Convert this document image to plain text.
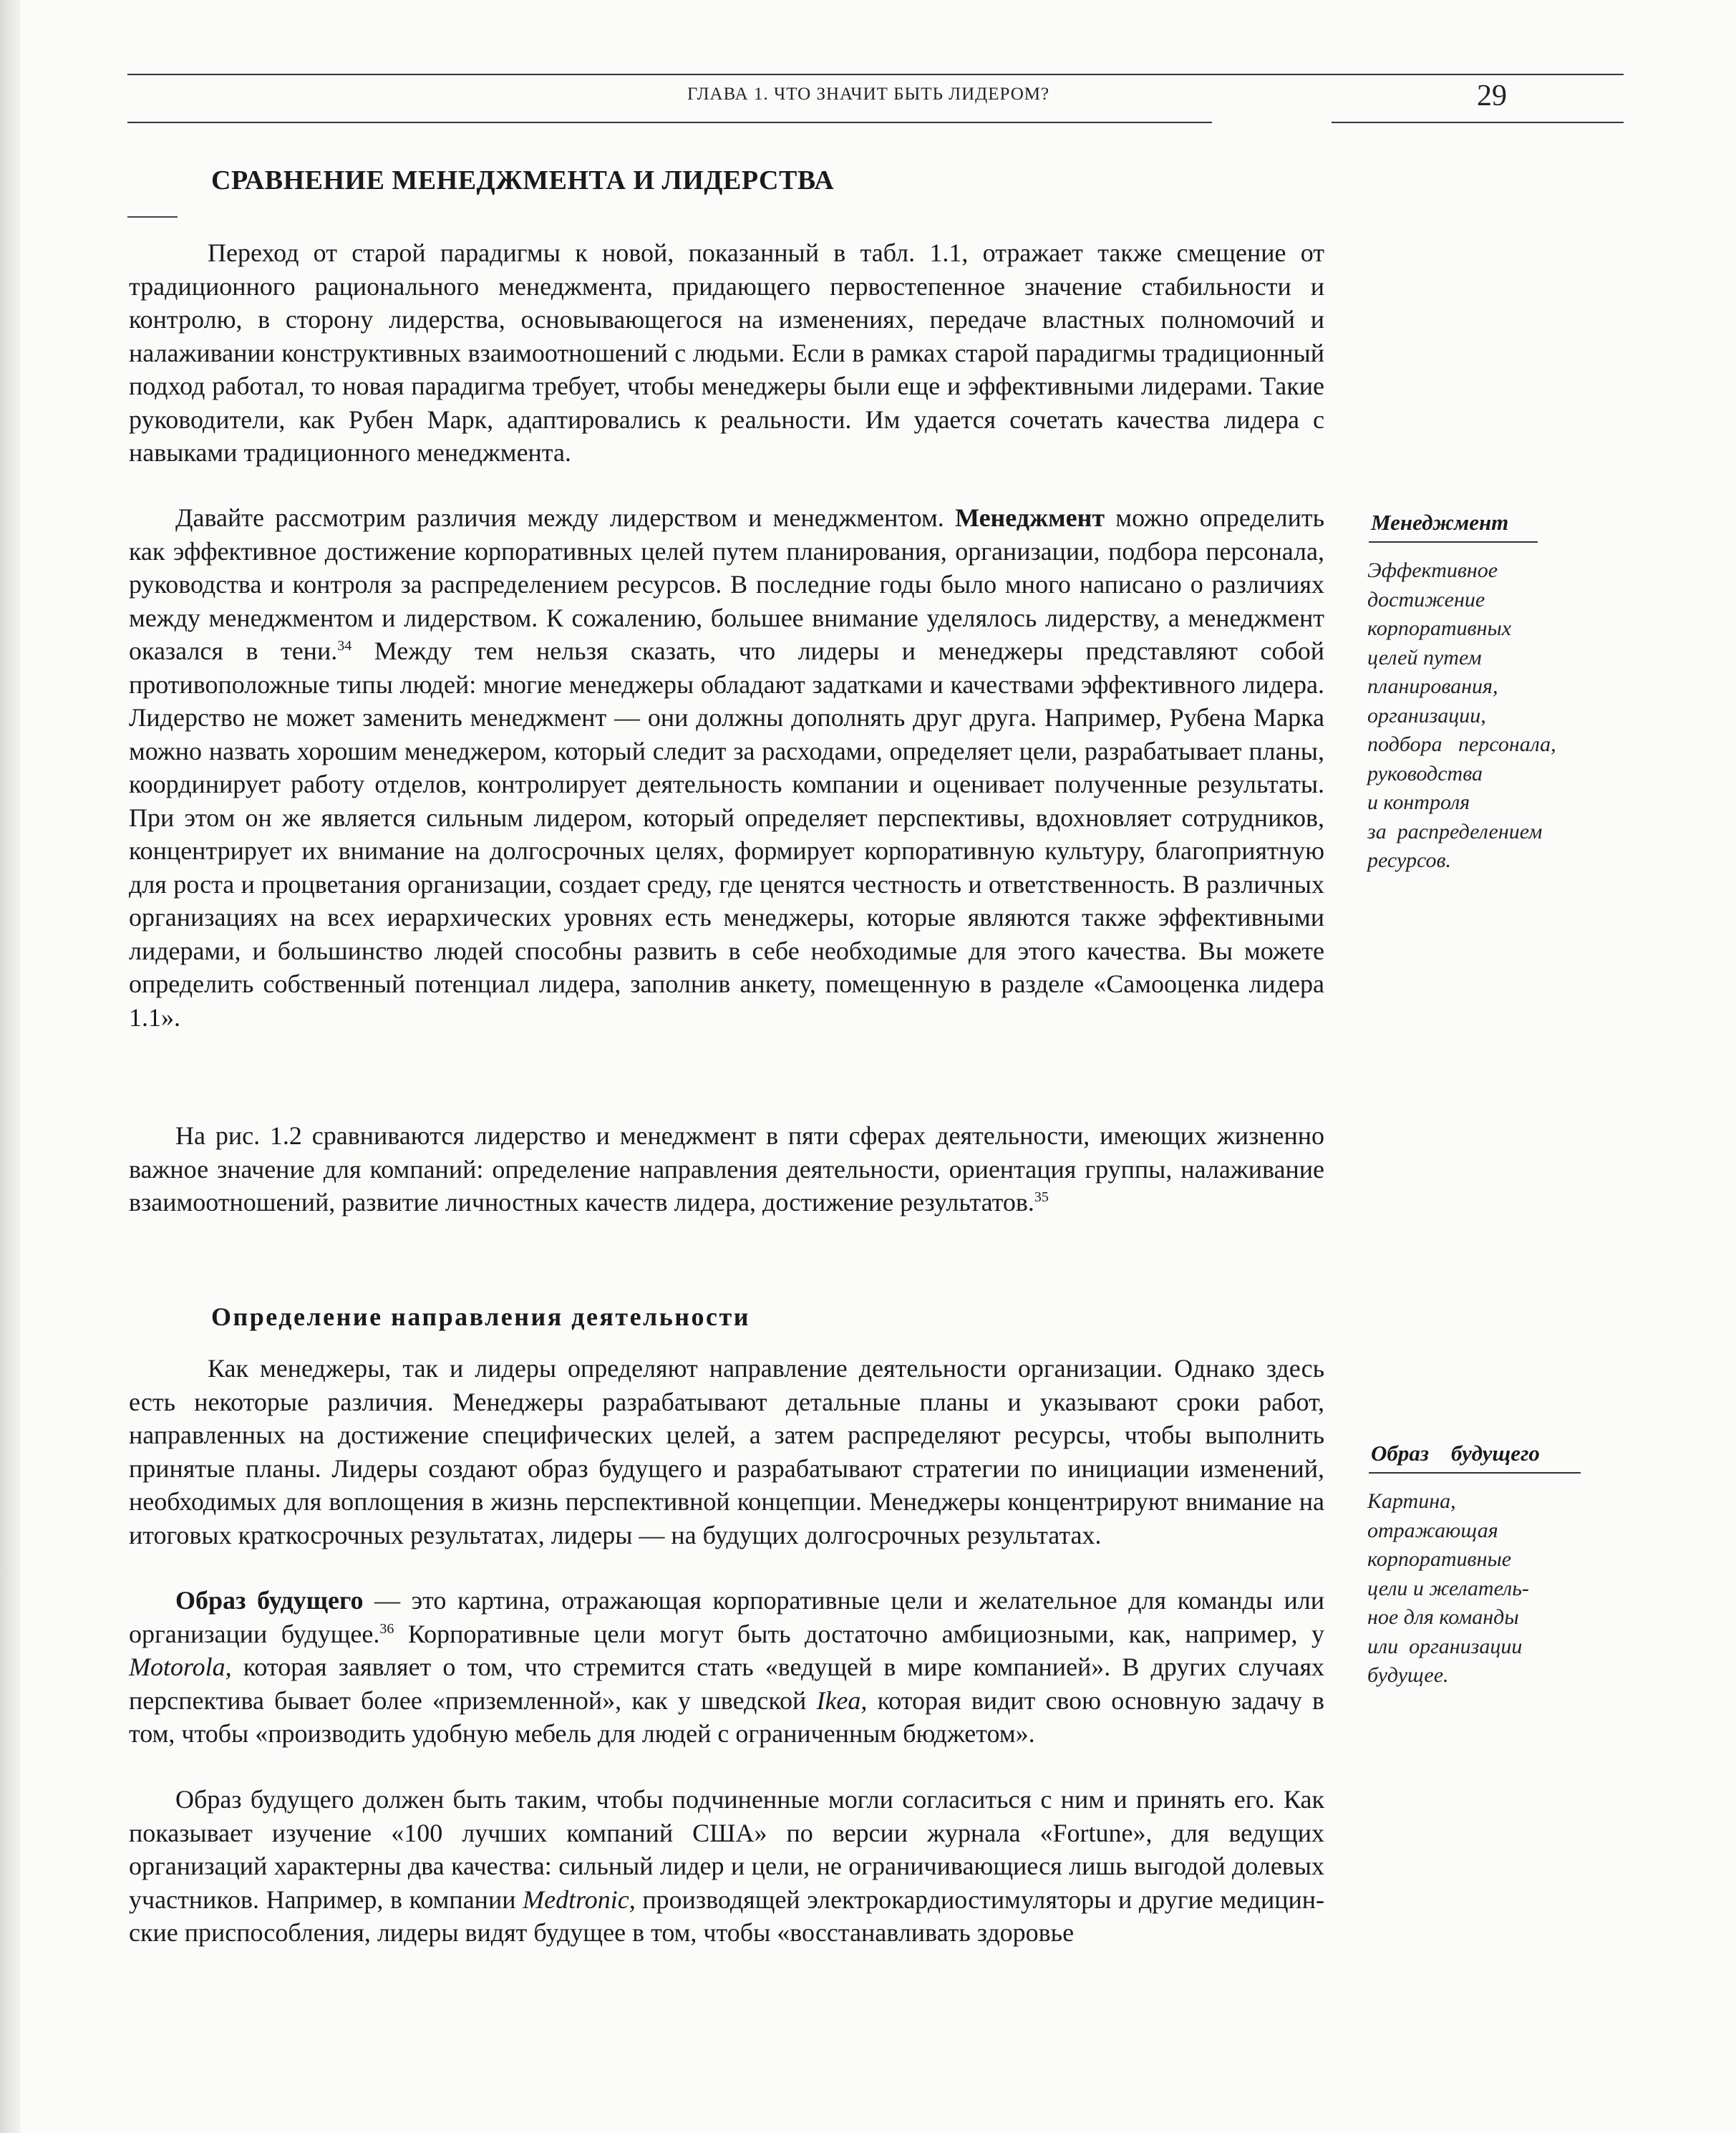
ГЛАВА 1. ЧТО ЗНАЧИТ БЫТЬ ЛИДЕРОМ?	29
СРАВНЕНИЕ МЕНЕДЖМЕНТА И ЛИДЕРСТВА

Переход от старой парадигмы к новой, показанный в табл. 1.1, отражает также смещение от традиционного рационального менеджмента, придающего первостепенное значение стабильности и контролю, в сторону лидерства, основывающегося на изменениях, передаче властных полномочий и налаживании конструктивных взаимоотношений с людьми. Если в рамках старой парадигмы традиционный подход работал, то новая парадигма требует, чтобы менеджеры были еще и эффективными лидерами. Такие руководители, как Рубен Марк, адаптировались к реальности. Им удается сочетать качества лидера с навыками традиционного менеджмента.

Давайте рассмотрим различия между лидерством и менеджментом. Менеджмент можно определить как эффективное достижение корпоративных целей путем планирования, организации, подбора персонала, руководства и контроля за распределением ресурсов. В последние годы было много написано о различиях между менеджментом и лидерством. К сожалению, большее внимание уделялось лидерству, а менеджмент оказался в тени.$^{34}$ Между тем нельзя сказать, что лидеры и менеджеры представляют собой противоположные типы людей: многие менеджеры обладают задатками и качествами эффективного лидера. Лидерство не может заменить менеджмент — они должны дополнять друг друга. Например, Рубена Марка можно назвать хорошим менеджером, который следит за расходами, определяет цели, разрабатывает планы, координирует работу отделов, контролирует деятельность компании и оценивает полученные результаты. При этом он же является сильным лидером, который определяет перспективы, вдохновляет сотрудников, концентрирует их внимание на долгосрочных целях, формирует корпоративную культуру, благоприятную для роста и процветания организации, создает среду, где ценятся честность и ответственность. В различных организациях на всех иерархических уровнях есть менеджеры, которые являются также эффективными лидерами, и большинство людей способны развить в себе необходимые для этого качества. Вы можете определить собственный потенциал лидера, заполнив анкету, помещенную в разделе «Самооценка лидера 1.1».

На рис. 1.2 сравниваются лидерство и менеджмент в пяти сферах деятельности, имеющих жизненно важное значение для компаний: определение направления деятельности, ориентация группы, налаживание взаимоотношений, развитие личностных качеств лидера, достижение результатов.$^{35}$

Определение направления деятельности

Как менеджеры, так и лидеры определяют направление деятельности организации. Однако здесь есть некоторые различия. Менеджеры разрабатывают детальные планы и указывают сроки работ, направленных на достижение специфических целей, а затем распределяют ресурсы, чтобы выполнить принятые планы. Лидеры создают образ будущего и разрабатывают стратегии по инициации изменений, необходимых для воплощения в жизнь перспективной концепции. Менеджеры концентрируют внимание на итоговых краткосрочных результатах, лидеры — на будущих долгосрочных результатах.

Образ будущего — это картина, отражающая корпоративные цели и желательное для команды или организации будущее.$^{36}$ Корпоративные цели могут быть достаточно амбициозными, как, например, у Motorola, которая заявляет о том, что стремится стать «ведущей в мире компанией». В других случаях перспектива бывает более «приземленной», как у шведской Ikea, которая видит свою основную задачу в том, чтобы «производить удобную мебель для людей с ограниченным бюджетом».

Образ будущего должен быть таким, чтобы подчиненные могли согласиться с ним и принять его. Как показывает изучение «100 лучших компаний США» по версии журнала «Fortune», для ведущих организаций характерны два качества: сильный лидер и цели, не ограничивающиеся лишь выгодой долевых участников. Например, в компании Medtronic, производящей электрокардиостимуляторы и другие медицинские приспособления, лидеры видят будущее в том, чтобы «восстанавливать здоровье

Менеджмент
Эффективное
достижение
корпоративных
целей путем
планирования,
организации,
подбора   персонала,
руководства
и контроля
за  распределением
ресурсов.
Образ    будущего
Картина,
отражающая
корпоративные
цели и желатель-
ное для команды
или  организации
будущее.
